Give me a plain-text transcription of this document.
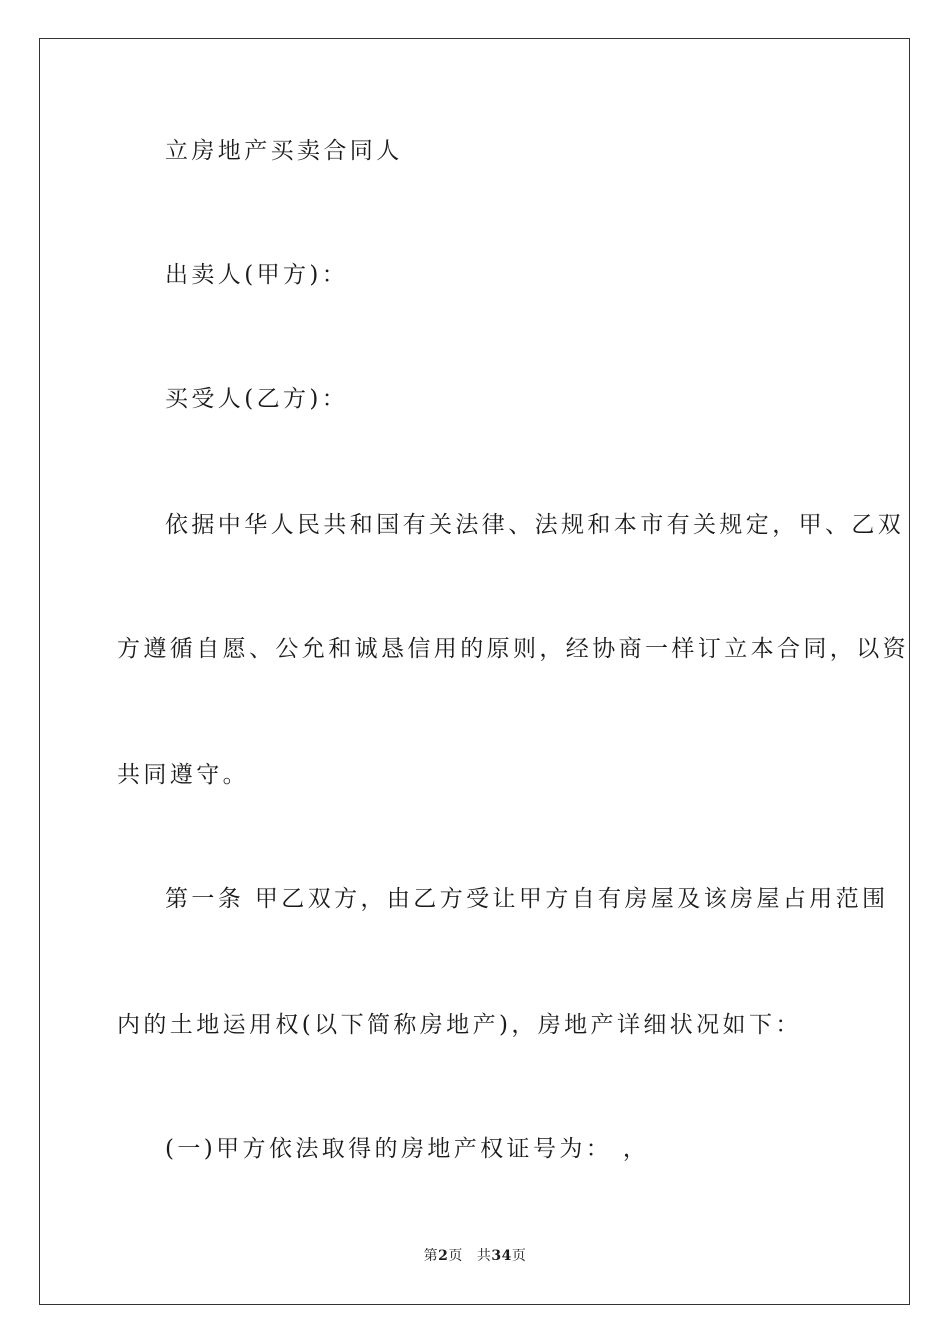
立房地产买卖合同人
出卖人(甲方)：
买受人(乙方)：
依据中华人民共和国有关法律、法规和本市有关规定，甲、乙双
方遵循自愿、公允和诚恳信用的原则，经协商一样订立本合同，以资
共同遵守。
第一条 甲乙双方，由乙方受让甲方自有房屋及该房屋占用范围
内的土地运用权(以下简称房地产)，房地产详细状况如下：
(一)甲方依法取得的房地产权证号为： ，
第2页 共34页
